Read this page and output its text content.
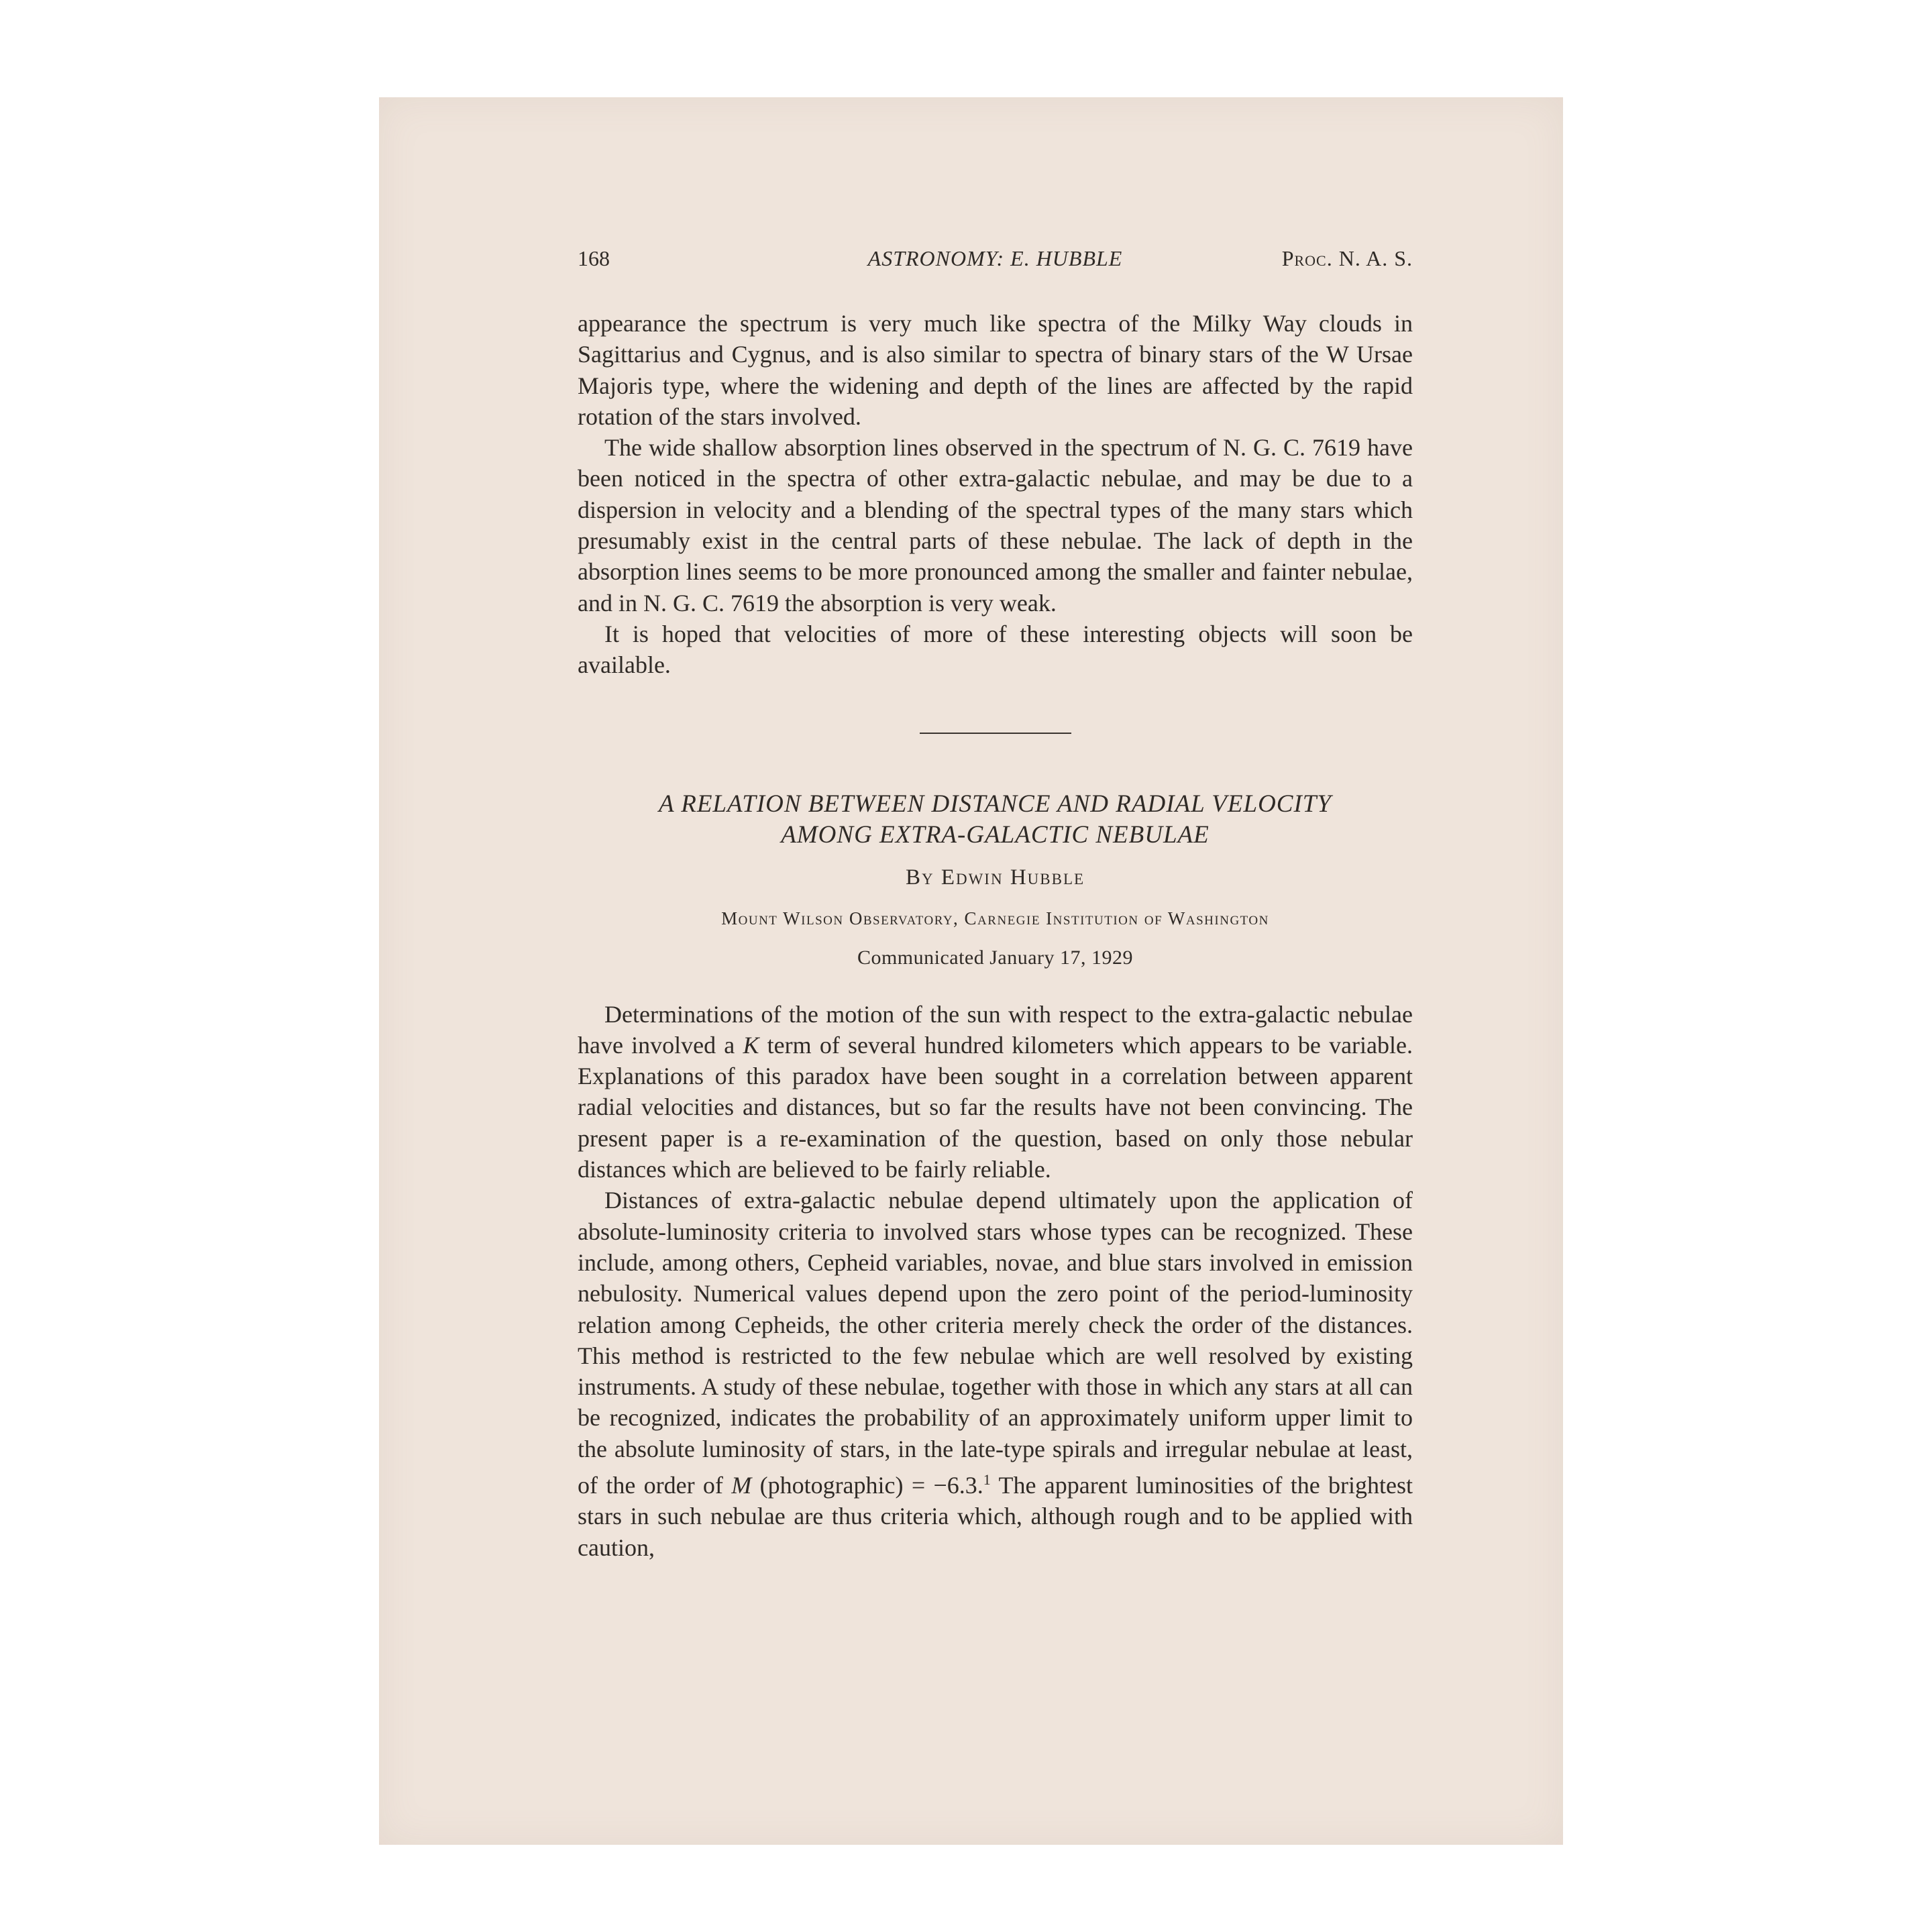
168	ASTRONOMY: E. HUBBLE	Proc. N. A. S.

appearance the spectrum is very much like spectra of the Milky Way clouds in Sagittarius and Cygnus, and is also similar to spectra of binary stars of the W Ursae Majoris type, where the widening and depth of the lines are affected by the rapid rotation of the stars involved.

The wide shallow absorption lines observed in the spectrum of N. G. C. 7619 have been noticed in the spectra of other extra-galactic nebulae, and may be due to a dispersion in velocity and a blending of the spectral types of the many stars which presumably exist in the central parts of these nebulae. The lack of depth in the absorption lines seems to be more pronounced among the smaller and fainter nebulae, and in N. G. C. 7619 the absorption is very weak.

It is hoped that velocities of more of these interesting objects will soon be available.

A RELATION BETWEEN DISTANCE AND RADIAL VELOCITY
AMONG EXTRA-GALACTIC NEBULAE
By Edwin Hubble
Mount Wilson Observatory, Carnegie Institution of Washington
Communicated January 17, 1929

Determinations of the motion of the sun with respect to the extra-galactic nebulae have involved a K term of several hundred kilometers which appears to be variable. Explanations of this paradox have been sought in a correlation between apparent radial velocities and distances, but so far the results have not been convincing. The present paper is a re-examination of the question, based on only those nebular distances which are believed to be fairly reliable.

Distances of extra-galactic nebulae depend ultimately upon the application of absolute-luminosity criteria to involved stars whose types can be recognized. These include, among others, Cepheid variables, novae, and blue stars involved in emission nebulosity. Numerical values depend upon the zero point of the period-luminosity relation among Cepheids, the other criteria merely check the order of the distances. This method is restricted to the few nebulae which are well resolved by existing instruments. A study of these nebulae, together with those in which any stars at all can be recognized, indicates the probability of an approximately uniform upper limit to the absolute luminosity of stars, in the late-type spirals and irregular nebulae at least, of the order of M (photographic) = −6.3.$^1$ The apparent luminosities of the brightest stars in such nebulae are thus criteria which, although rough and to be applied with caution,
